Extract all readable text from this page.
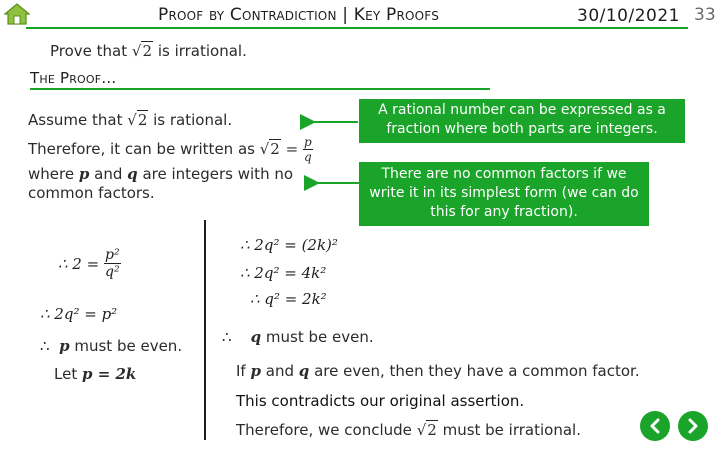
Proof by Contradiction | Key Proofs	30/10/2021 33
Prove that √2 is irrational.
The Proof…
Assume that √2 is rational.
Therefore, it can be written as
√2
=
$\frac{p}{q}$
where p and q are integers with no
common factors.
A rational number can be expressed as a fraction where both parts are integers.
There are no common factors if we write it in its simplest form (we can do this for any fraction).
∴ 2 =
$\frac{\text{p²}}{\text{q²}}$
∴ 2q² = p²
∴ p must be even.
Let p = 2k
∴ 2q² = (2k)²
∴ 2q² = 4k²
∴ q² = 2k²
∴ q must be even.
If p and q are even, then they have a common factor.
This contradicts our original assertion.
Therefore, we conclude √2 must be irrational.
